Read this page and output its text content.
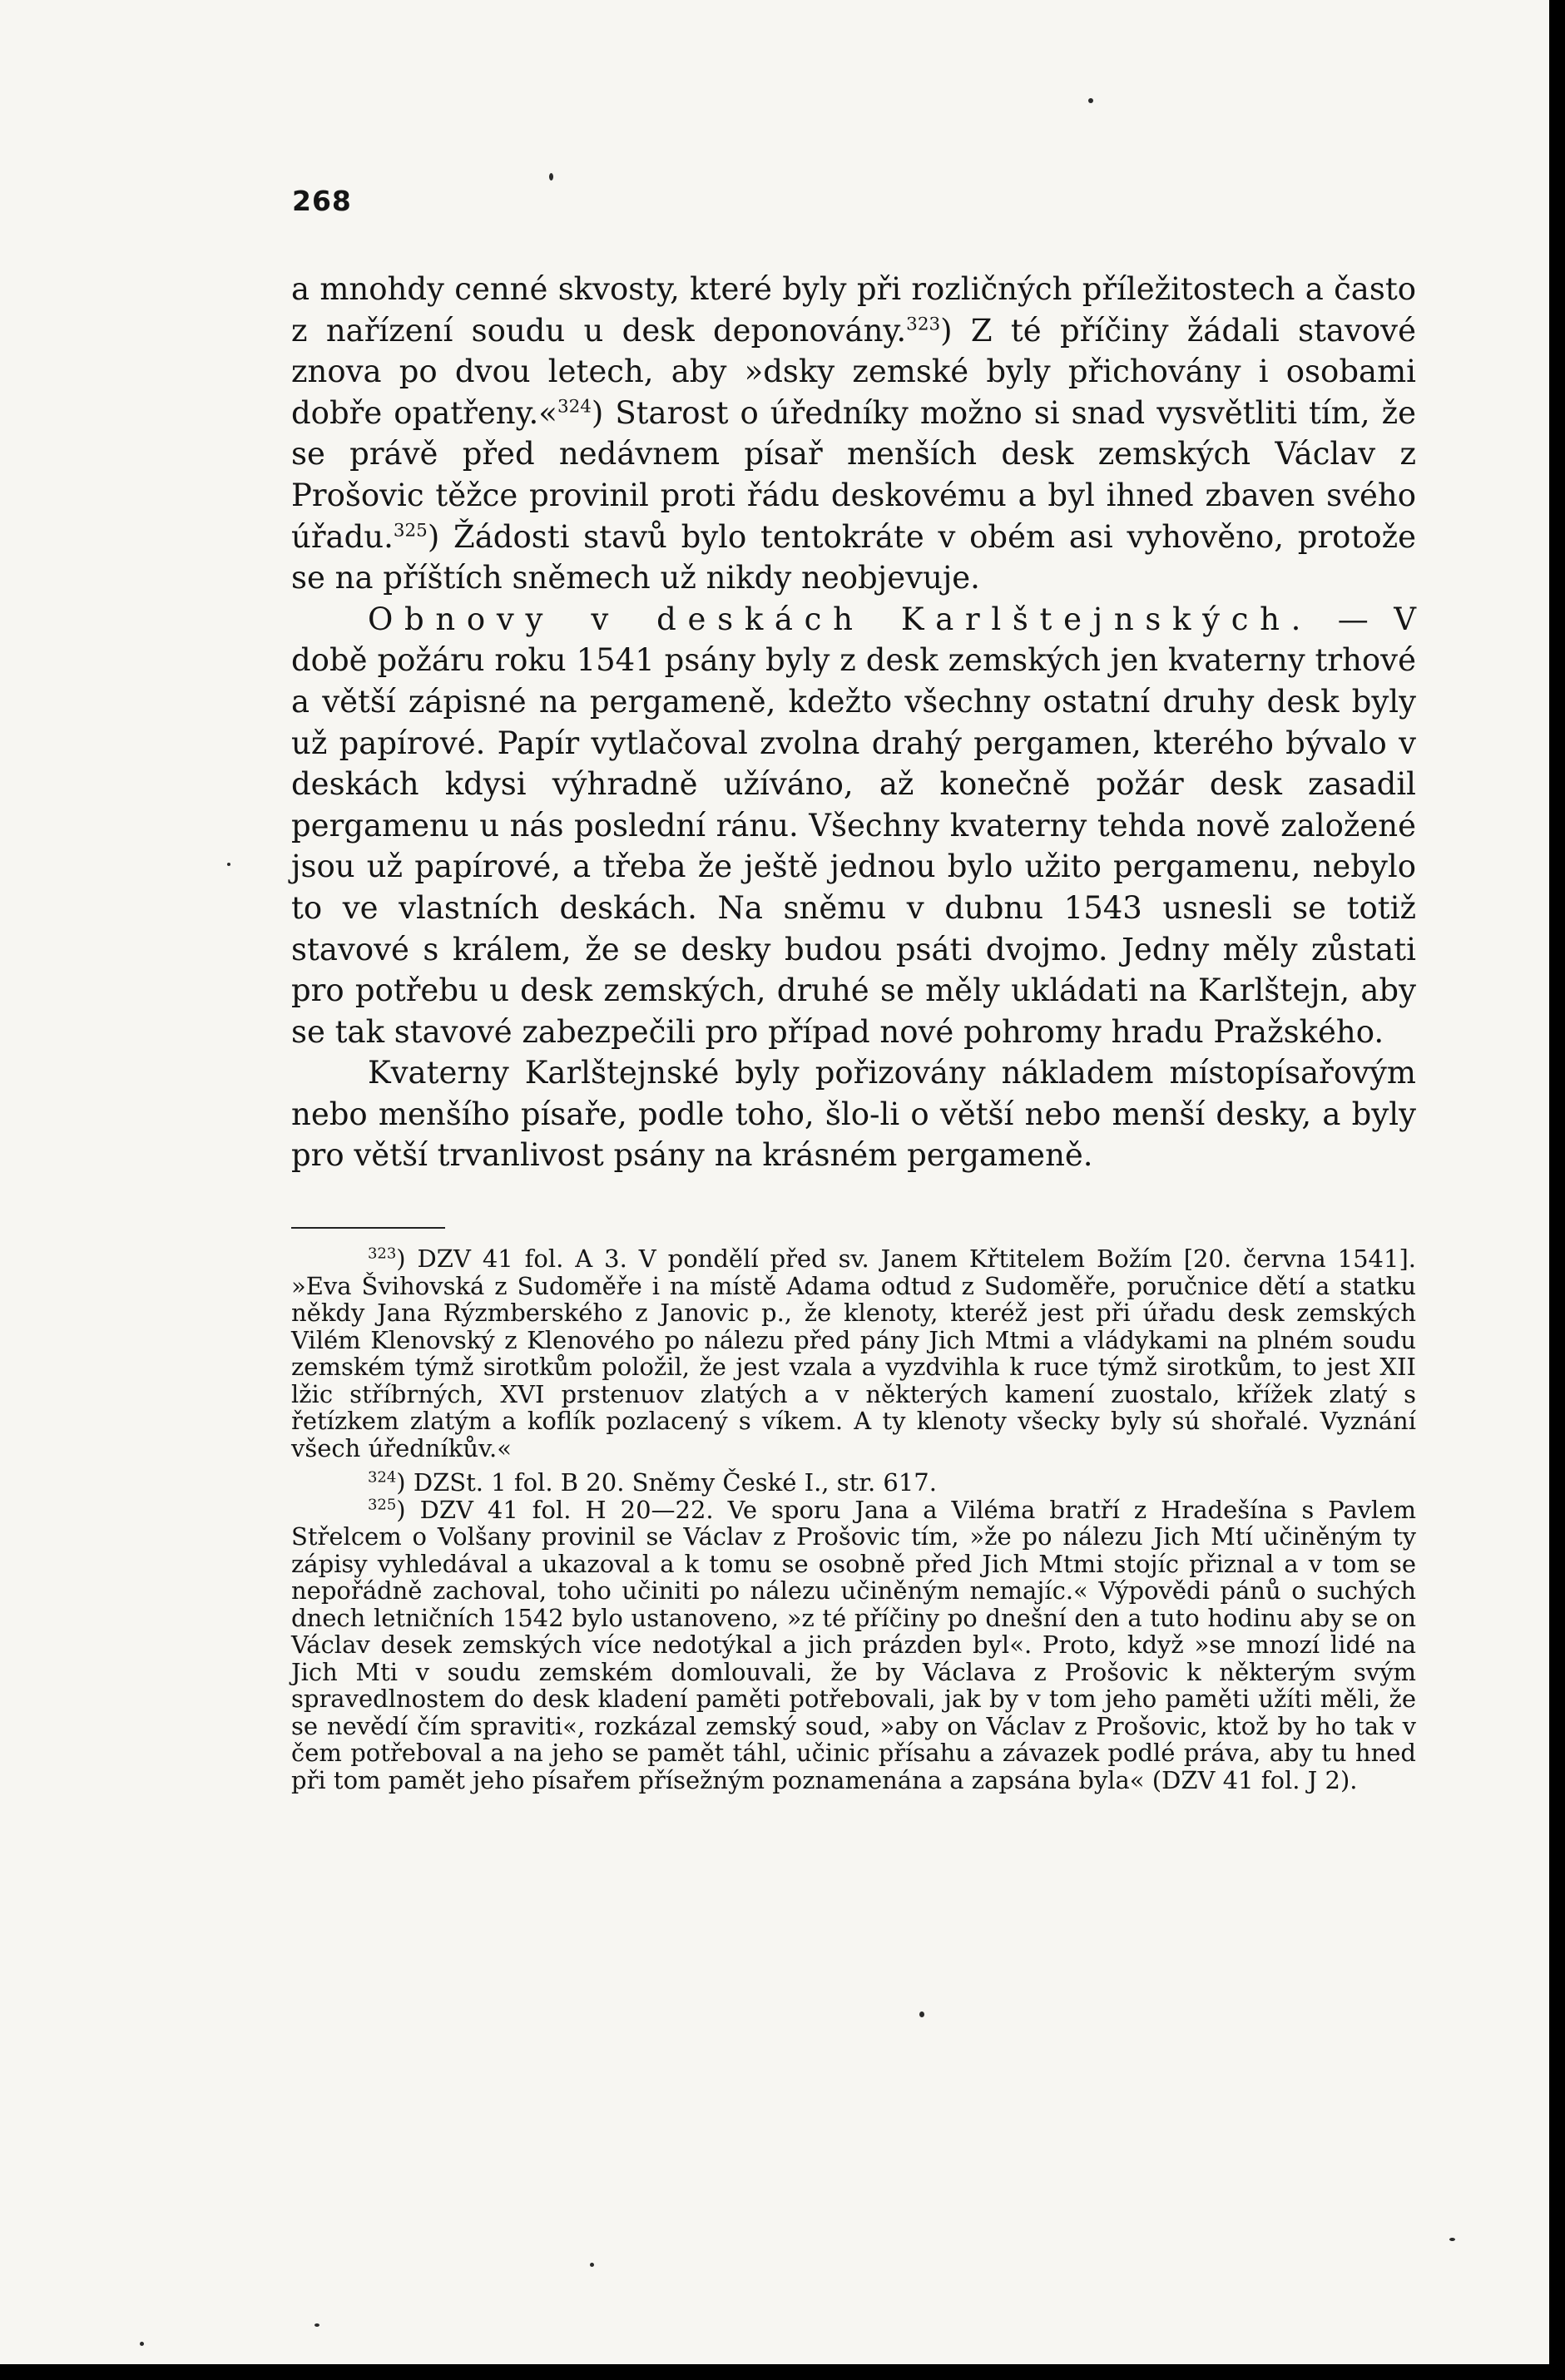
268

a mnohdy cenné skvosty, které byly při rozličných příležitostech a často z nařízení soudu u desk deponovány.$^{323}$) Z té příčiny žádali stavové znova po dvou letech, aby »dsky zemské byly přichovány i osobami dobře opatřeny.«$^{324}$) Starost o úředníky možno si snad vysvětliti tím, že se právě před nedávnem písař menších desk zemských Václav z Prošovic těžce provinil proti řádu deskovému a byl ihned zbaven svého úřadu.$^{325}$) Žádosti stavů bylo tentokráte v obém asi vyhověno, protože se na příštích sněmech už nikdy neobjevuje.

Obnovy v deskách Karlštejnských. — V době požáru roku 1541 psány byly z desk zemských jen kvaterny trhové a větší zápisné na pergameně, kdežto všechny ostatní druhy desk byly už papírové. Papír vytlačoval zvolna drahý pergamen, kterého bývalo v deskách kdysi výhradně užíváno, až konečně požár desk zasadil pergamenu u nás poslední ránu. Všechny kvaterny tehda nově založené jsou už papírové, a třeba že ještě jednou bylo užito pergamenu, nebylo to ve vlastních deskách. Na sněmu v dubnu 1543 usnesli se totiž stavové s králem, že se desky budou psáti dvojmo. Jedny měly zůstati pro potřebu u desk zemských, druhé se měly ukládati na Karlštejn, aby se tak stavové zabezpečili pro případ nové pohromy hradu Pražského.

Kvaterny Karlštejnské byly pořizovány nákladem místopísařovým nebo menšího písaře, podle toho, šlo-li o větší nebo menší desky, a byly pro větší trvanlivost psány na krásném pergameně.

$^{323}$) DZV 41 fol. A 3. V pondělí před sv. Janem Křtitelem Božím [20. června 1541]. »Eva Švihovská z Sudoměře i na místě Adama odtud z Sudoměře, poručnice dětí a statku někdy Jana Rýzmberského z Janovic p., že klenoty, kteréž jest při úřadu desk zemských Vilém Klenovský z Klenového po nálezu před pány Jich Mtmi a vládykami na plném soudu zemském týmž sirotkům položil, že jest vzala a vyzdvihla k ruce týmž sirotkům, to jest XII lžic stříbrných, XVI prstenuov zlatých a v některých kamení zuostalo, křížek zlatý s řetízkem zlatým a koflík pozlacený s víkem. A ty klenoty všecky byly sú shořalé. Vyznání všech úředníkův.«

$^{324}$) DZSt. 1 fol. B 20. Sněmy České I., str. 617.

$^{325}$) DZV 41 fol. H 20—22. Ve sporu Jana a Viléma bratří z Hradešína s Pavlem Střelcem o Volšany provinil se Václav z Prošovic tím, »že po nálezu Jich Mtí učiněným ty zápisy vyhledával a ukazoval a k tomu se osobně před Jich Mtmi stojíc přiznal a v tom se nepořádně zachoval, toho učiniti po nálezu učiněným nemajíc.« Výpovědi pánů o suchých dnech letničních 1542 bylo ustanoveno, »z té příčiny po dnešní den a tuto hodinu aby se on Václav desek zemských více nedotýkal a jich prázden byl«. Proto, když »se mnozí lidé na Jich Mti v soudu zemském domlouvali, že by Václava z Prošovic k některým svým spravedlnostem do desk kladení paměti potřebovali, jak by v tom jeho paměti užíti měli, že se nevědí čím spraviti«, rozkázal zemský soud, »aby on Václav z Prošovic, ktož by ho tak v čem potřeboval a na jeho se pamět táhl, učinic přísahu a závazek podlé práva, aby tu hned při tom pamět jeho písařem přísežným poznamenána a zapsána byla« (DZV 41 fol. J 2).
